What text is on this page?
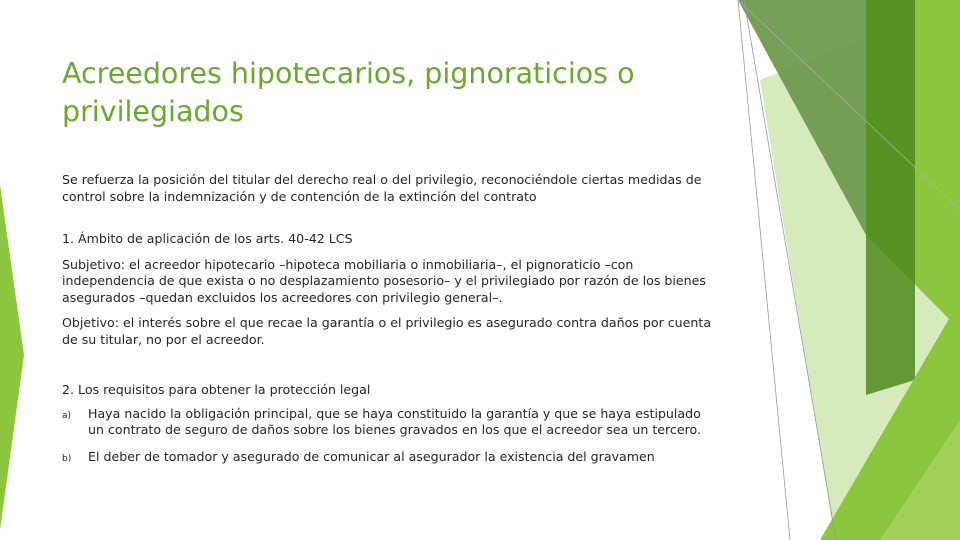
Acreedores hipotecarios, pignoraticios o privilegiados

Se refuerza la posición del titular del derecho real o del privilegio, reconociéndole ciertas medidas de control sobre la indemnización y de contención de la extinción del contrato

1. Ámbito de aplicación de los arts. 40-42 LCS

Subjetivo: el acreedor hipotecario –hipoteca mobiliaria o inmobiliaria–, el pignoraticio –con independencia de que exista o no desplazamiento posesorio– y el privilegiado por razón de los bienes asegurados –quedan excluidos los acreedores con privilegio general–.

Objetivo: el interés sobre el que recae la garantía o el privilegio es asegurado contra daños por cuenta de su titular, no por el acreedor.

2. Los requisitos para obtener la protección legal

a)	Haya nacido la obligación principal, que se haya constituido la garantía y que se haya estipulado un contrato de seguro de daños sobre los bienes gravados en los que el acreedor sea un tercero.
b)	El deber de tomador y asegurado de comunicar al asegurador la existencia del gravamen
